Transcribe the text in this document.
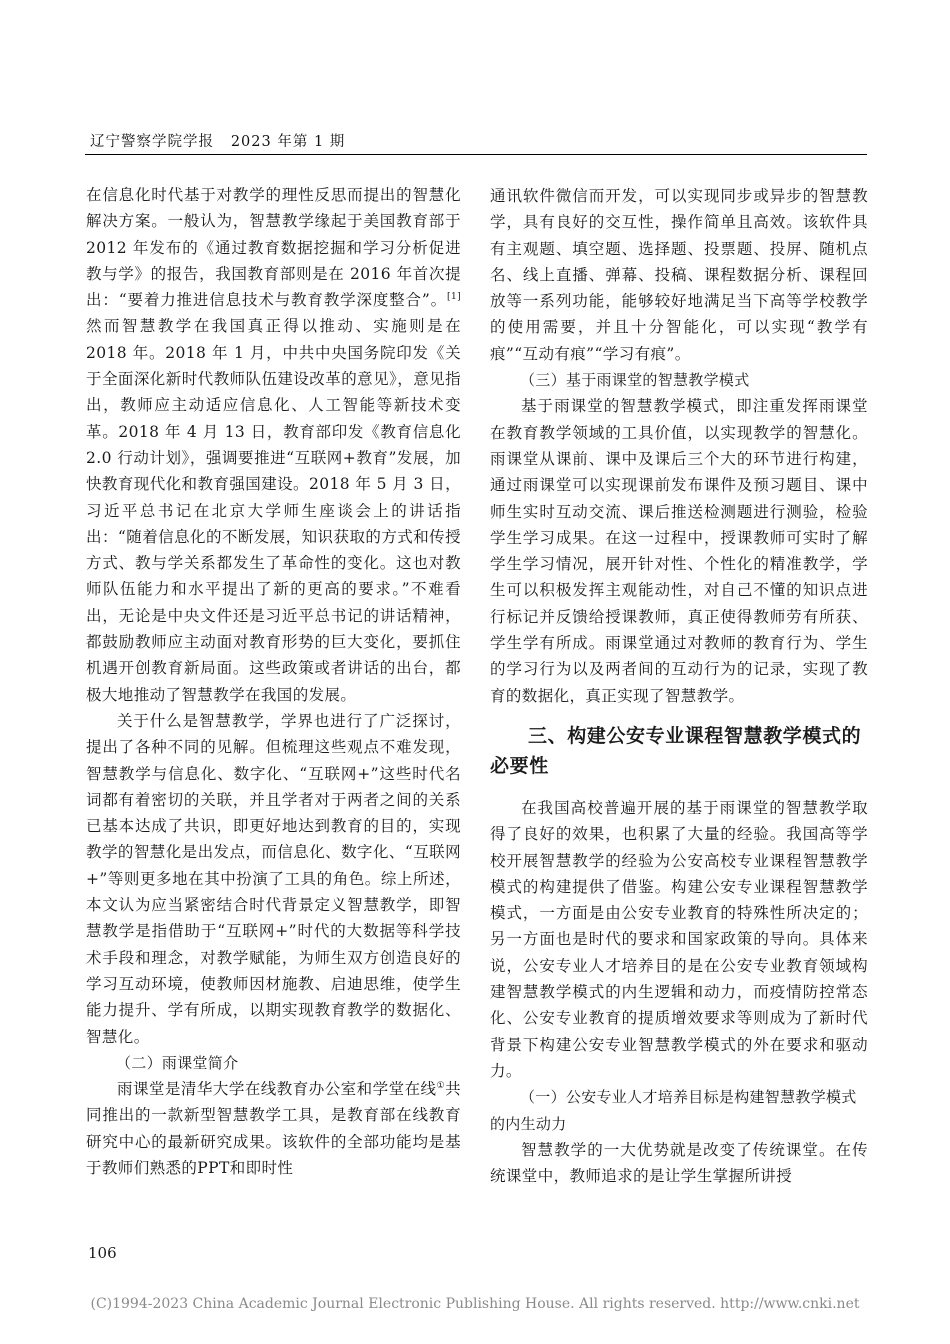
辽宁警察学院学报 2023 年第 1 期

在信息化时代基于对教学的理性反思而提出的智慧化解决方案。一般认为，智慧教学缘起于美国教育部于 2012 年发布的《通过教育数据挖掘和学习分析促进教与学》的报告，我国教育部则是在 2016 年首次提出：“要着力推进信息技术与教育教学深度整合”。[1]然而智慧教学在我国真正得以推动、实施则是在 2018 年。2018 年 1 月，中共中央国务院印发《关于全面深化新时代教师队伍建设改革的意见》，意见指出，教师应主动适应信息化、人工智能等新技术变革。2018 年 4 月 13 日，教育部印发《教育信息化 2.0 行动计划》，强调要推进“互联网+教育”发展，加快教育现代化和教育强国建设。2018 年 5 月 3 日，习近平总书记在北京大学师生座谈会上的讲话指出：“随着信息化的不断发展，知识获取的方式和传授方式、教与学关系都发生了革命性的变化。这也对教师队伍能力和水平提出了新的更高的要求。”不难看出，无论是中央文件还是习近平总书记的讲话精神，都鼓励教师应主动面对教育形势的巨大变化，要抓住机遇开创教育新局面。这些政策或者讲话的出台，都极大地推动了智慧教学在我国的发展。

关于什么是智慧教学，学界也进行了广泛探讨，提出了各种不同的见解。但梳理这些观点不难发现，智慧教学与信息化、数字化、“互联网+”这些时代名词都有着密切的关联，并且学者对于两者之间的关系已基本达成了共识，即更好地达到教育的目的，实现教学的智慧化是出发点，而信息化、数字化、“互联网+”等则更多地在其中扮演了工具的角色。综上所述，本文认为应当紧密结合时代背景定义智慧教学，即智慧教学是指借助于“互联网+”时代的大数据等科学技术手段和理念，对教学赋能，为师生双方创造良好的学习互动环境，使教师因材施教、启迪思维，使学生能力提升、学有所成，以期实现教育教学的数据化、智慧化。

（二）雨课堂简介

雨课堂是清华大学在线教育办公室和学堂在线①共同推出的一款新型智慧教学工具，是教育部在线教育研究中心的最新研究成果。该软件的全部功能均是基于教师们熟悉的PPT和即时性

通讯软件微信而开发，可以实现同步或异步的智慧教学，具有良好的交互性，操作简单且高效。该软件具有主观题、填空题、选择题、投票题、投屏、随机点名、线上直播、弹幕、投稿、课程数据分析、课程回放等一系列功能，能够较好地满足当下高等学校教学的使用需要，并且十分智能化，可以实现“教学有痕”“互动有痕”“学习有痕”。

（三）基于雨课堂的智慧教学模式

基于雨课堂的智慧教学模式，即注重发挥雨课堂在教育教学领域的工具价值，以实现教学的智慧化。雨课堂从课前、课中及课后三个大的环节进行构建，通过雨课堂可以实现课前发布课件及预习题目、课中师生实时互动交流、课后推送检测题进行测验，检验学生学习成果。在这一过程中，授课教师可实时了解学生学习情况，展开针对性、个性化的精准教学，学生可以积极发挥主观能动性，对自己不懂的知识点进行标记并反馈给授课教师，真正使得教师劳有所获、学生学有所成。雨课堂通过对教师的教育行为、学生的学习行为以及两者间的互动行为的记录，实现了教育的数据化，真正实现了智慧教学。

三、构建公安专业课程智慧教学模式的必要性

在我国高校普遍开展的基于雨课堂的智慧教学取得了良好的效果，也积累了大量的经验。我国高等学校开展智慧教学的经验为公安高校专业课程智慧教学模式的构建提供了借鉴。构建公安专业课程智慧教学模式，一方面是由公安专业教育的特殊性所决定的；另一方面也是时代的要求和国家政策的导向。具体来说，公安专业人才培养目的是在公安专业教育领域构建智慧教学模式的内生逻辑和动力，而疫情防控常态化、公安专业教育的提质增效要求等则成为了新时代背景下构建公安专业智慧教学模式的外在要求和驱动力。

（一）公安专业人才培养目标是构建智慧教学模式的内生动力

智慧教学的一大优势就是改变了传统课堂。在传统课堂中，教师追求的是让学生掌握所讲授

106
(C)1994-2023 China Academic Journal Electronic Publishing House. All rights reserved. http://www.cnki.net
